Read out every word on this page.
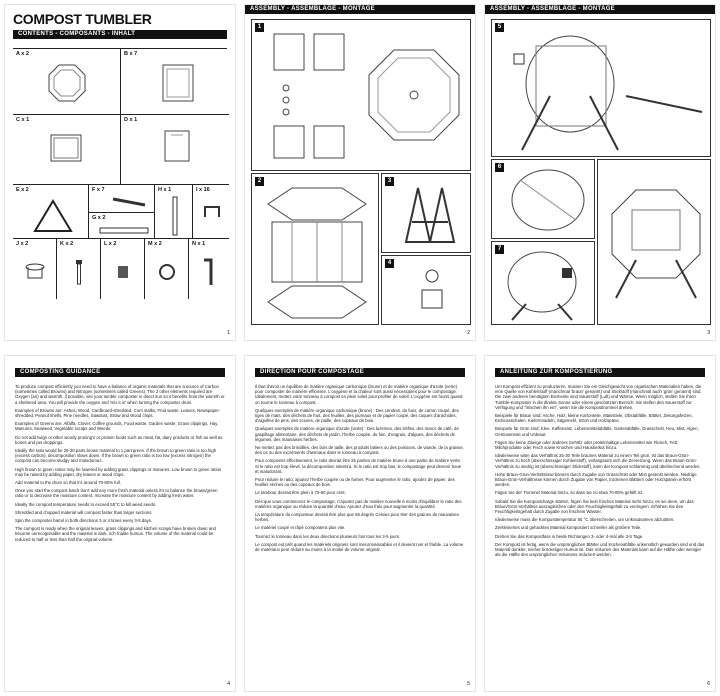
COMPOST TUMBLER
CONTENTS - COMPOSANTS - INHALT
A x 2	B x 7
C x 1	D x 1
E x 2	F x 7
G x 2
H x 1	I x 16
J x 2	K x 2	L x 2	M x 2	N x 1
1
ASSEMBLY - ASSEMBLAGE - MONTAGE
1
2	3
4
2
ASSEMBLY - ASSEMBLAGE - MONTAGE
5
6
7
3
COMPOSTING GUIDANCE

To produce compost efficiently you need to have a balance of organic materials that are a source of Carbon (sometimes called Browns) and Nitrogen (sometimes called Greens). The 2 other elements required are Oxygen (air) and warmth, if possible, site your tumble composter in direct sun so it benefits from the warmth or a sheltered area. You will provide the oxygen and 'mix it in' when turning the composter drum.

Examples of Browns are: Ashes, Wood, Cardboard-shredded, Corn stalks, Fruit waste, Leaves, Newspaper-shredded, Peanut shells, Pine needles, Sawdust, Straw and Wood chips.

Examples of Greens are: Alfalfa, Clover, Coffee grounds, Food waste, Garden waste, Grass clippings, Hay, Manures, Seaweed, Vegetable scraps and Weeds.

Do not add twigs or other woody pruning's or protein foods such as meat, fat, dairy products or fish as well as bones and pet droppings.

Ideally the ratio would be 25-30 parts brown material to 1 part green. If the brown to green ratio is too high (excess carbon), decomposition slows down. If the brown to green ratio is too low (excess nitrogen) the compost can become sludgy and malodorous.

High brown to green ratios may be lowered by adding grass clippings or manures. Low brown to green ratios may be raised by adding paper, dry leaves or wood chips.

Add material to the drum so that it's around 70-80% full.

Once you start the compost batch don't add any more fresh material unless it's to balance the brown/green ratio or to decrease the moisture content. Increase the moisture content by adding fresh water.

Ideally the compost temperature needs to exceed 55°C to kill weed seeds.

Shredded and chopped material will compost faster than larger sections.

Spin the composter barrel in both directions 3 or 4 times every 3-5 days.

The compost is ready when the original leaves, grass clippings and kitchen scraps have broken down and become unrecognisable and the material is dark, rich friable humus. The volume of the material could be reduced to half or less than half the original volume.

4
DIRECTION POUR COMPOSTAGE

Il faut d'avoir un équilibre de matière organique carbonique (brune) et de matière organique d'azote (verte) pour composter de manière efficiente. L'oxygène et la chaleur sont aussi nécessaires pour le compostage. Idéalement, mettez votre tonneau à compost en plein soleil pour profiter de soleil. L'oxygène est fourni quand on tourne le tonneau à compost.

Quelques exemples de matière organique carbonique (brune) : Des cendres, du bois, de carton coupé, des tiges de maïs, des déchets de fruit, des feuilles, des journaux et de papier coupé, des coques d'arachides, d'aiguilles de pins, des sciures, de paille, des copeaux de bois.

Quelques exemples de matière organique d'azote (verte) : Des luzernes, des trèfles, des marcs de café, de gaspillage alimentaire, des déchets de jardin, l'herbe coupée, du foin, d'engrais, d'algues, des déchets de légumes, des mauvaises herbes.

Ne mettez pas des brindilles, des bois de taille, des produits laitiers ou des poissons, de viande, de la graisse, des os ou des excréments d'animaux dans le tonneau à compost.

Pour composter effectivement, le ratio devrait être 25 parties de matière brune à une partie de matière verte. Si le ratio est trop élevé, la décomposition ralentira. Si le ratio est trop bas, le compostage peut devenir boue et malodorant.

Pour réduire le ratio, ajoutez l'herbe coupée ou de fumier. Pour augmenter le ratio, ajoutez de papier, des feuilles sèches ou des copeaux de bois.

Le tambour devrait être plein à 70-80 pour cent.

Dès que vous commencez le compostage, n'ajoutez pas de matière nouvelle à moins d'équilibrer le ratio des matières organique ou réduire la quantité d'eau. Ajoutez d'eau frais pour augmenter la quantité.

La température du composteur devrait être plus que 55 degrés Celsius pour tirer des graines de mauvaises herbes.

Le matériel coupé et râpé compostera plus vite.

Tournez le tonneau dans les deux directions plusieurs fois tous les 3-5 jours.

Le compost est prêt quand les matériels originels sont méconnaissables et il devient noir et friable. La volume de matériaux peut réduire au moins à la moitié de volume original.

5
ANLEITUNG ZUR KOMPOSTIERUNG

Um Kompost effizient zu produzieren, müssen Sie ein Gleichgewicht von organischen Materialien haben, die eine Quelle von Kohlenstoff (manchmal 'braun' genannt) und Stickstoff (manchmal auch 'grün' genannt) sind. Die zwei anderen benötigten Elemente sind Sauerstoff (Luft) und Wärme. Wenn möglich, stellen Sie Ihren Tumble-Komposter in die direkte Sonne oder einem geschützten Bereich. Sie stellen den Sauerstoff zur Verfügung und "mischen ihn ein", wenn Sie die Komposttrommel drehen.

Beispiele für Braun sind: Asche, Holz, kleine Kartonteile, Maisstiele, Obstabfälle, Blätter, Zeitungsfetzen, Erdnussschalen, Kiefernnadeln, Sägemehl, Stroh und Holzspäne.

Beispiele für Grün sind: Klee, Kaffeesatz, Lebensmittelabfälle, Gartenabfälle, Grasschnitt, Heu, Mist, Algen, Gemüsereste und Unkraut.

Fügen Sie keine Zweige oder anderes Gehölz oder proteinhaltige Lebensmittel wie Fleisch, Fett, Milchprodukte oder Fisch sowie Knochen und Haustierkot hinzu.

Idealerweise wäre das Verhältnis 25-30 Teile braunes Material zu einem Teil grün. Ist das Braun-Grün-Verhältnis zu hoch (überschüssiger Kohlenstoff), verlangsamt sich die Zersetzung. Wenn das Braun-Grün-Verhältnis zu niedrig ist (überschüssiger Stickstoff), kann der Kompost schlammig und übelriechend werden.

Hohe Braun-Grün-Verhältnisse können durch Zugabe von Grasschnitt oder Mist gesenkt werden. Niedrige Braun-Grün-Verhältnisse können durch Zugabe von Papier, trockenen Blättern oder Holzspänen erhöht werden.

Fügen Sie der Trommel Material hinzu, so dass sie zu etwa 70-80% gefüllt ist.

Sobald Sie die Kompostcharge starten, fügen Sie kein frisches Material mehr hinzu, es sei denn, um das Braun/Grün-Verhältnis auszugleichen oder den Feuchtigkeitsgehalt zu verringern. Erhöhen Sie den Feuchtigkeitsgehalt durch Zugabe von frischem Wasser.

Idealerweise muss die Komposttemperatur 55 °C überschreiten, um Unkrautsamen abzutöten.

Zerkleinertes und gehacktes Material kompostiert schneller als größere Teile.

Drehen Sie das Kompostfass in beide Richtungen 3- oder 4-mal alle 3-5 Tage.

Der Kompost ist fertig, wenn die ursprünglichen Blätter und Küchenabfälle unkenntlich geworden sind und das Material dunkler, reicher bröckeliger Humus ist. Das Volumen des Materials kann auf die Hälfte oder weniger als die Hälfte des ursprünglichen Volumens reduziert werden.

6
